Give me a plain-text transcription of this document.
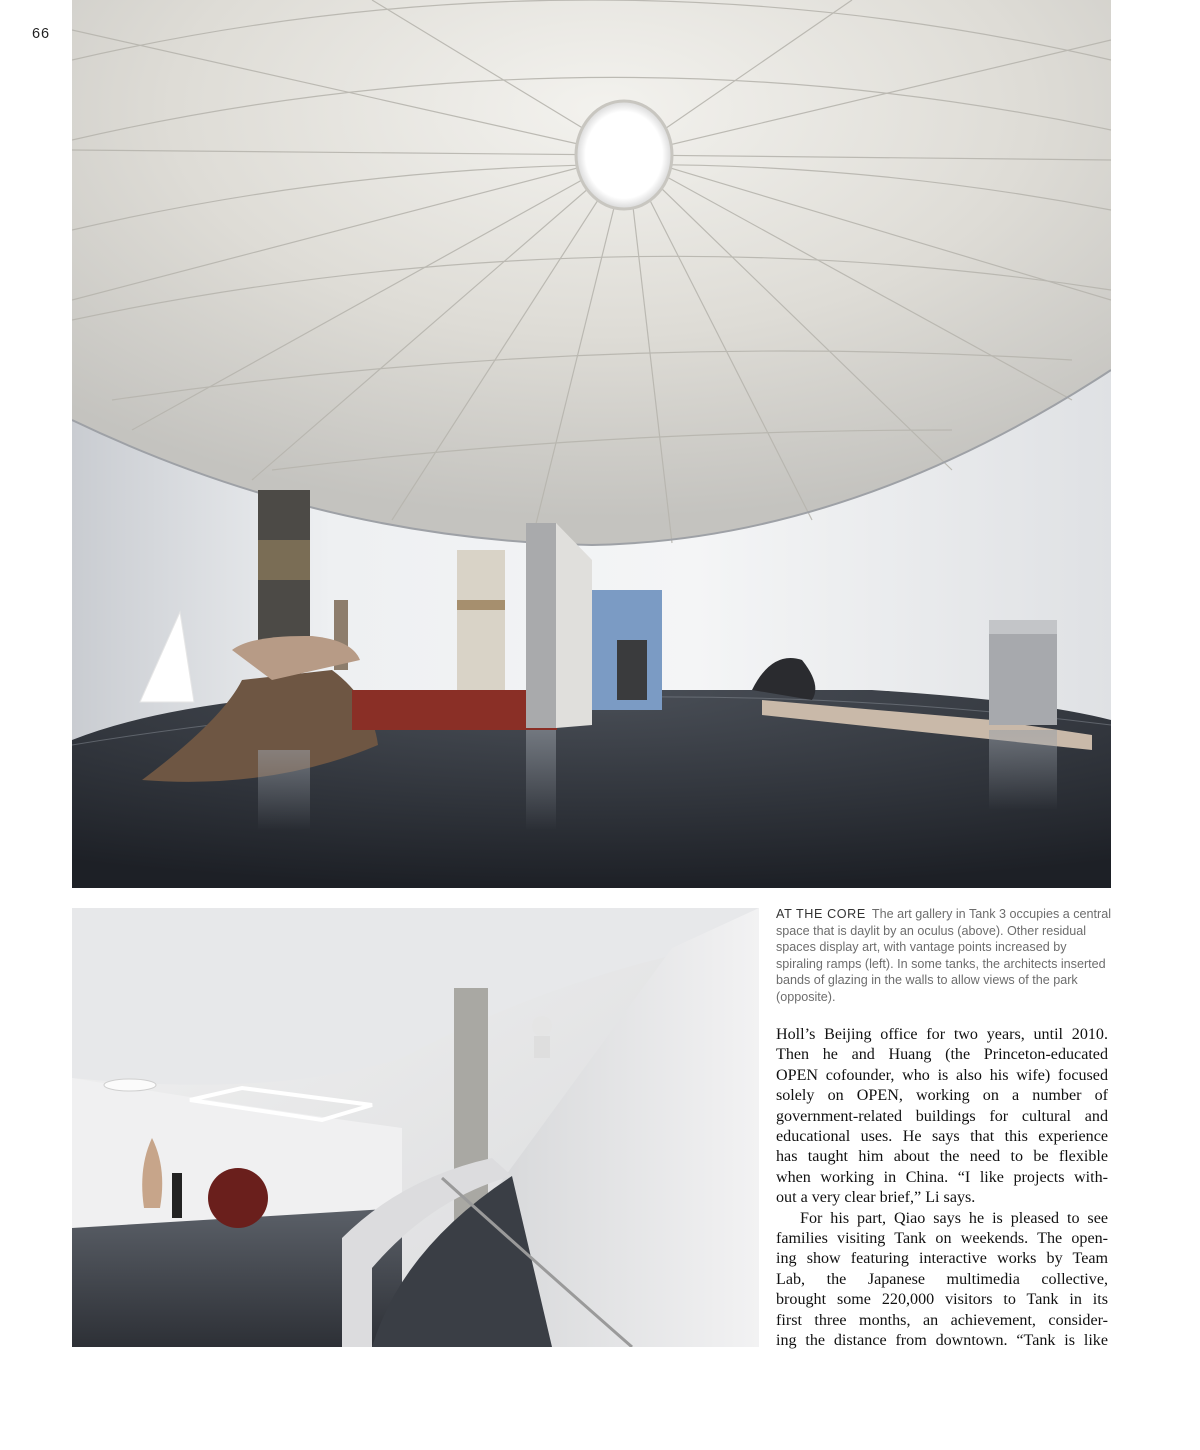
66
AT THE CORE The art gallery in Tank 3 occupies a central space that is daylit by an oculus (above). Other residual spaces display art, with vantage points increased by spiraling ramps (left). In some tanks, the architects inserted bands of glazing in the walls to allow views of the park (opposite).
Holl’s Beijing office for two years, until 2010.
Then he and Huang (the Princeton-educated
OPEN cofounder, who is also his wife) focused
solely on OPEN, working on a number of
government-related buildings for cultural and
educational uses. He says that this experience
has taught him about the need to be flexible
when working in China. “I like projects with-
out a very clear brief,” Li says.
For his part, Qiao says he is pleased to see
families visiting Tank on weekends. The open-
ing show featuring interactive works by Team
Lab, the Japanese multimedia collective,
brought some 220,000 visitors to Tank in its
first three months, an achievement, consider-
ing the distance from downtown. “Tank is like
